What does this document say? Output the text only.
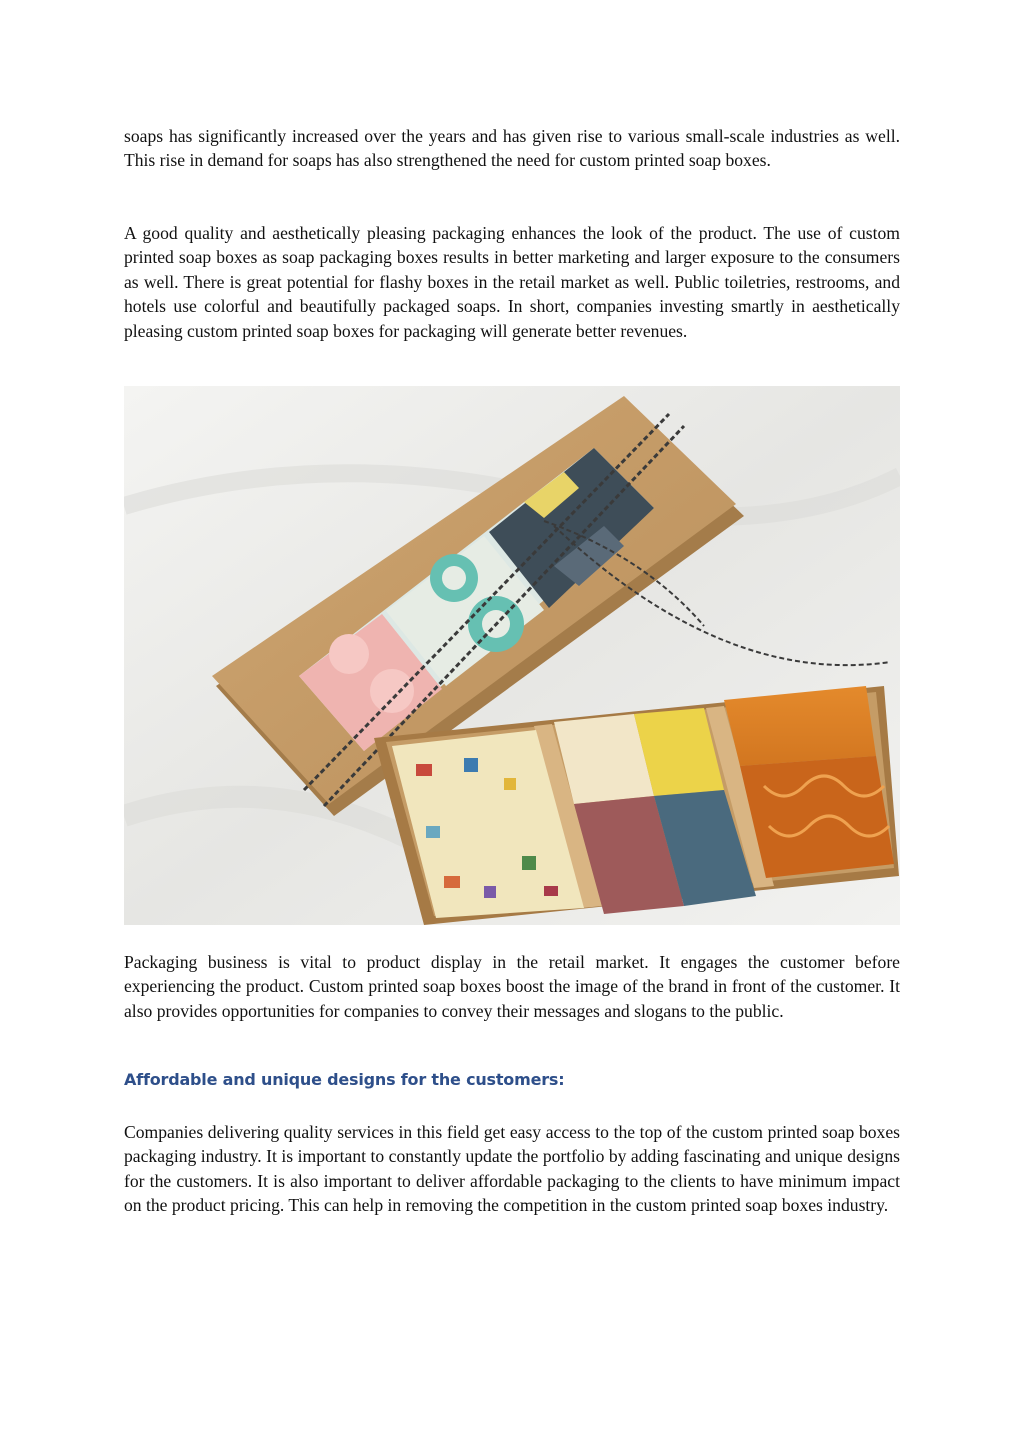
soaps has significantly increased over the years and has given rise to various small-scale industries as well. This rise in demand for soaps has also strengthened the need for custom printed soap boxes.

A good quality and aesthetically pleasing packaging enhances the look of the product. The use of custom printed soap boxes as soap packaging boxes results in better marketing and larger exposure to the consumers as well. There is great potential for flashy boxes in the retail market as well. Public toiletries, restrooms, and hotels use colorful and beautifully packaged soaps. In short, companies investing smartly in aesthetically pleasing custom printed soap boxes for packaging will generate better revenues.

Packaging business is vital to product display in the retail market. It engages the customer before experiencing the product. Custom printed soap boxes boost the image of the brand in front of the customer. It also provides opportunities for companies to convey their messages and slogans to the public.

Affordable and unique designs for the customers:

Companies delivering quality services in this field get easy access to the top of the custom printed soap boxes packaging industry. It is important to constantly update the portfolio by adding fascinating and unique designs for the customers. It is also important to deliver affordable packaging to the clients to have minimum impact on the product pricing. This can help in removing the competition in the custom printed soap boxes industry.
